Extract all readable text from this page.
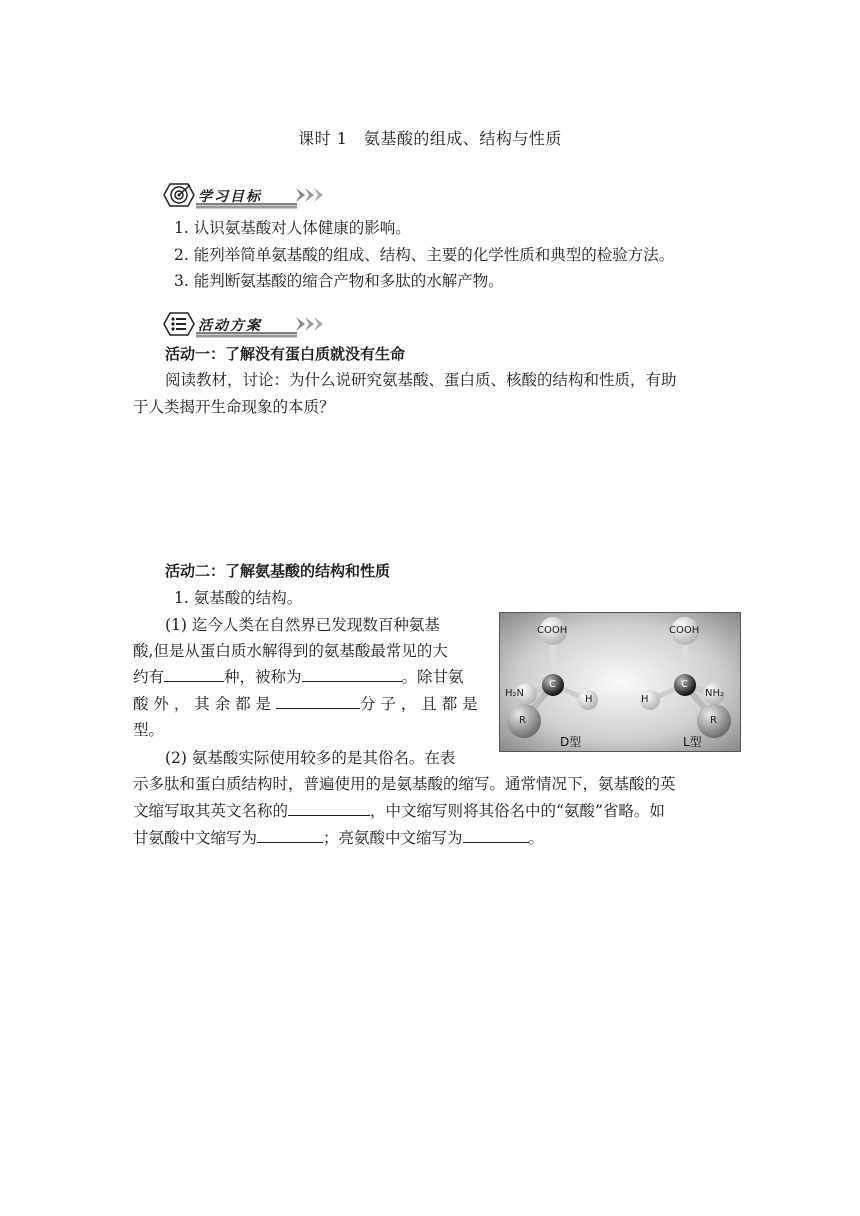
课时 1　氨基酸的组成、结构与性质
学习目标
1. 认识氨基酸对人体健康的影响。
2. 能列举简单氨基酸的组成、结构、主要的化学性质和典型的检验方法。
3. 能判断氨基酸的缩合产物和多肽的水解产物。
活动方案
活动一：了解没有蛋白质就没有生命
阅读教材，讨论：为什么说研究氨基酸、蛋白质、核酸的结构和性质，有助
于人类揭开生命现象的本质？
活动二：了解氨基酸的结构和性质
1. 氨基酸的结构。
(1) 迄今人类在自然界已发现数百种氨基
酸,但是从蛋白质水解得到的氨基酸最常见的大
约有	种，被称为	。除甘氨
酸 外 ， 其 余 都 是	分 子 ， 且 都 是
型。
(2) 氨基酸实际使用较多的是其俗名。在表
示多肽和蛋白质结构时，普遍使用的是氨基酸的缩写。通常情况下，氨基酸的英
文缩写取其英文名称的	，中文缩写则将其俗名中的“氨酸”省略。如
甘氨酸中文缩写为	；亮氨酸中文缩写为	。
COOH
C
H₂N
H
R
D型
COOH
C
NH₂
H
R
L型
